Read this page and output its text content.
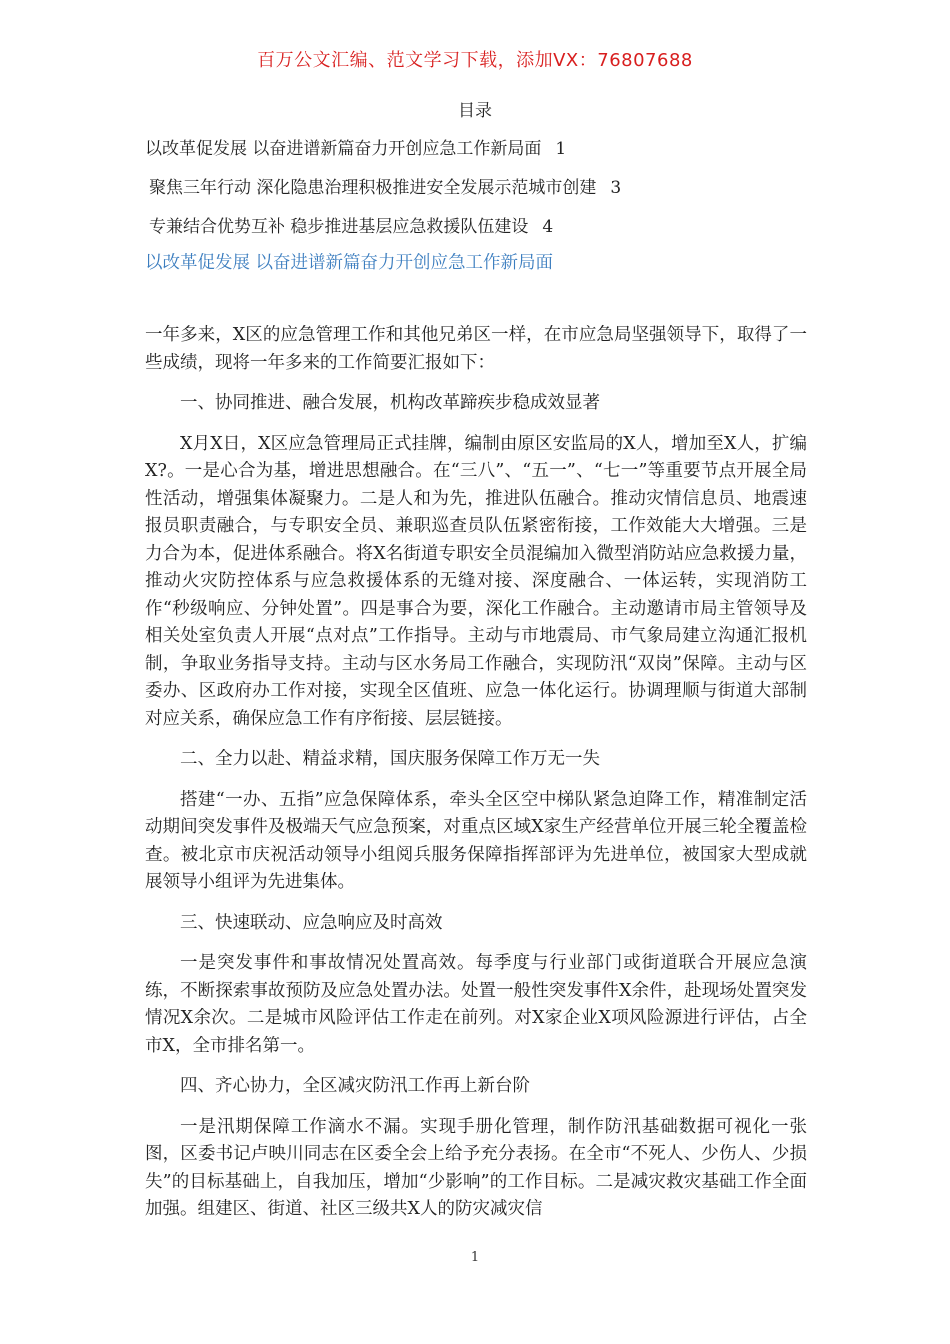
百万公文汇编、范文学习下载，添加VX：76807688
目录
以改革促发展 以奋进谱新篇奋力开创应急工作新局面 1
聚焦三年行动 深化隐患治理积极推进安全发展示范城市创建 3
专兼结合优势互补 稳步推进基层应急救援队伍建设 4
以改革促发展 以奋进谱新篇奋力开创应急工作新局面

一年多来，X区的应急管理工作和其他兄弟区一样，在市应急局坚强领导下，取得了一些成绩，现将一年多来的工作简要汇报如下：

一、协同推进、融合发展，机构改革蹄疾步稳成效显著

X月X日，X区应急管理局正式挂牌，编制由原区安监局的X人，增加至X人，扩编X?。一是心合为基，增进思想融合。在“三八”、“五一”、“七一”等重要节点开展全局性活动，增强集体凝聚力。二是人和为先，推进队伍融合。推动灾情信息员、地震速报员职责融合，与专职安全员、兼职巡查员队伍紧密衔接，工作效能大大增强。三是力合为本，促进体系融合。将X名街道专职安全员混编加入微型消防站应急救援力量，推动火灾防控体系与应急救援体系的无缝对接、深度融合、一体运转，实现消防工作“秒级响应、分钟处置”。四是事合为要，深化工作融合。主动邀请市局主管领导及相关处室负责人开展“点对点”工作指导。主动与市地震局、市气象局建立沟通汇报机制，争取业务指导支持。主动与区水务局工作融合，实现防汛“双岗”保障。主动与区委办、区政府办工作对接，实现全区值班、应急一体化运行。协调理顺与街道大部制对应关系，确保应急工作有序衔接、层层链接。

二、全力以赴、精益求精，国庆服务保障工作万无一失

搭建“一办、五指”应急保障体系，牵头全区空中梯队紧急迫降工作，精准制定活动期间突发事件及极端天气应急预案，对重点区域X家生产经营单位开展三轮全覆盖检查。被北京市庆祝活动领导小组阅兵服务保障指挥部评为先进单位，被国家大型成就展领导小组评为先进集体。

三、快速联动、应急响应及时高效

一是突发事件和事故情况处置高效。每季度与行业部门或街道联合开展应急演练，不断探索事故预防及应急处置办法。处置一般性突发事件X余件，赴现场处置突发情况X余次。二是城市风险评估工作走在前列。对X家企业X项风险源进行评估，占全市X，全市排名第一。

四、齐心协力，全区减灾防汛工作再上新台阶

一是汛期保障工作滴水不漏。实现手册化管理，制作防汛基础数据可视化一张图，区委书记卢映川同志在区委全会上给予充分表扬。在全市“不死人、少伤人、少损失”的目标基础上，自我加压，增加“少影响”的工作目标。二是减灾救灾基础工作全面加强。组建区、街道、社区三级共X人的防灾减灾信

1
